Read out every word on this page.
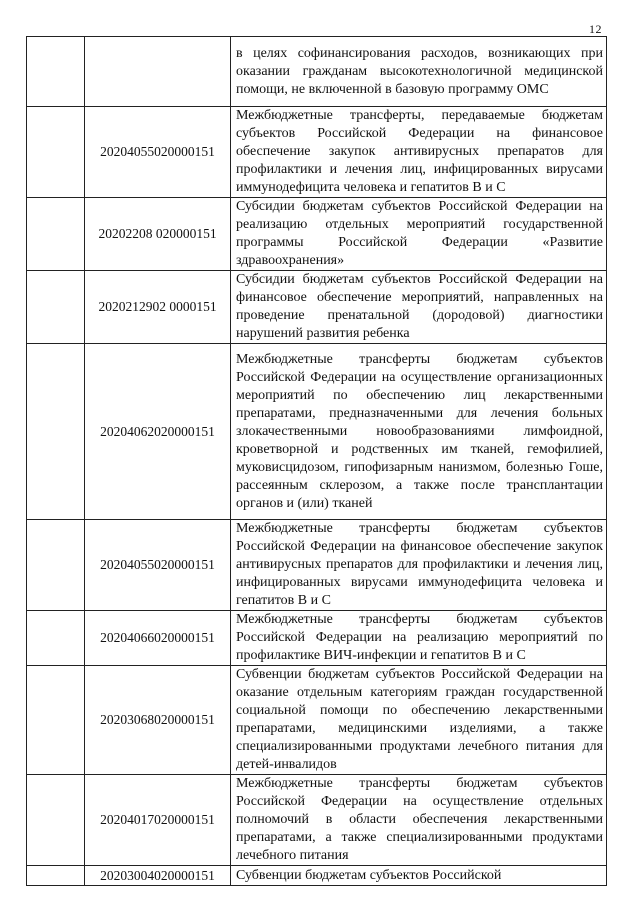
12
		в целях софинансирования расходов, возникающих при оказании гражданам высокотехнологичной медицинской помощи, не включенной в базовую программу ОМС
	20204055020000151	Межбюджетные трансферты, передаваемые бюджетам субъектов Российской Федерации на финансовое обеспечение закупок антивирусных препаратов для профилактики и лечения лиц, инфицированных вирусами иммунодефицита человека и гепатитов В и С
	20202208 020000151	Субсидии бюджетам субъектов Российской Федерации на реализацию отдельных мероприятий государственной программы Российской Федерации «Развитие здравоохранения»
	2020212902 0000151	Субсидии бюджетам субъектов Российской Федерации на финансовое обеспечение мероприятий, направленных на проведение пренатальной (дородовой) диагностики нарушений развития ребенка
	20204062020000151	Межбюджетные трансферты бюджетам субъектов Российской Федерации на осуществление организационных мероприятий по обеспечению лиц лекарственными препаратами, предназначенными для лечения больных злокачественными новообразованиями лимфоидной, кроветворной и родственных им тканей, гемофилией, муковисцидозом, гипофизарным нанизмом, болезнью Гоше, рассеянным склерозом, а также после трансплантации органов и (или) тканей
	20204055020000151	Межбюджетные трансферты бюджетам субъектов Российской Федерации на финансовое обеспечение закупок антивирусных препаратов для профилактики и лечения лиц, инфицированных вирусами иммунодефицита человека и гепатитов В и С
	20204066020000151	Межбюджетные трансферты бюджетам субъектов Российской Федерации на реализацию мероприятий по профилактике ВИЧ-инфекции и гепатитов В и С
	20203068020000151	Субвенции бюджетам субъектов Российской Федерации на оказание отдельным категориям граждан государственной социальной помощи по обеспечению лекарственными препаратами, медицинскими изделиями, а также специализированными продуктами лечебного питания для детей-инвалидов
	20204017020000151	Межбюджетные трансферты бюджетам субъектов Российской Федерации на осуществление отдельных полномочий в области обеспечения лекарственными препаратами, а также специализированными продуктами лечебного питания
	20203004020000151	Субвенции бюджетам субъектов Российской
